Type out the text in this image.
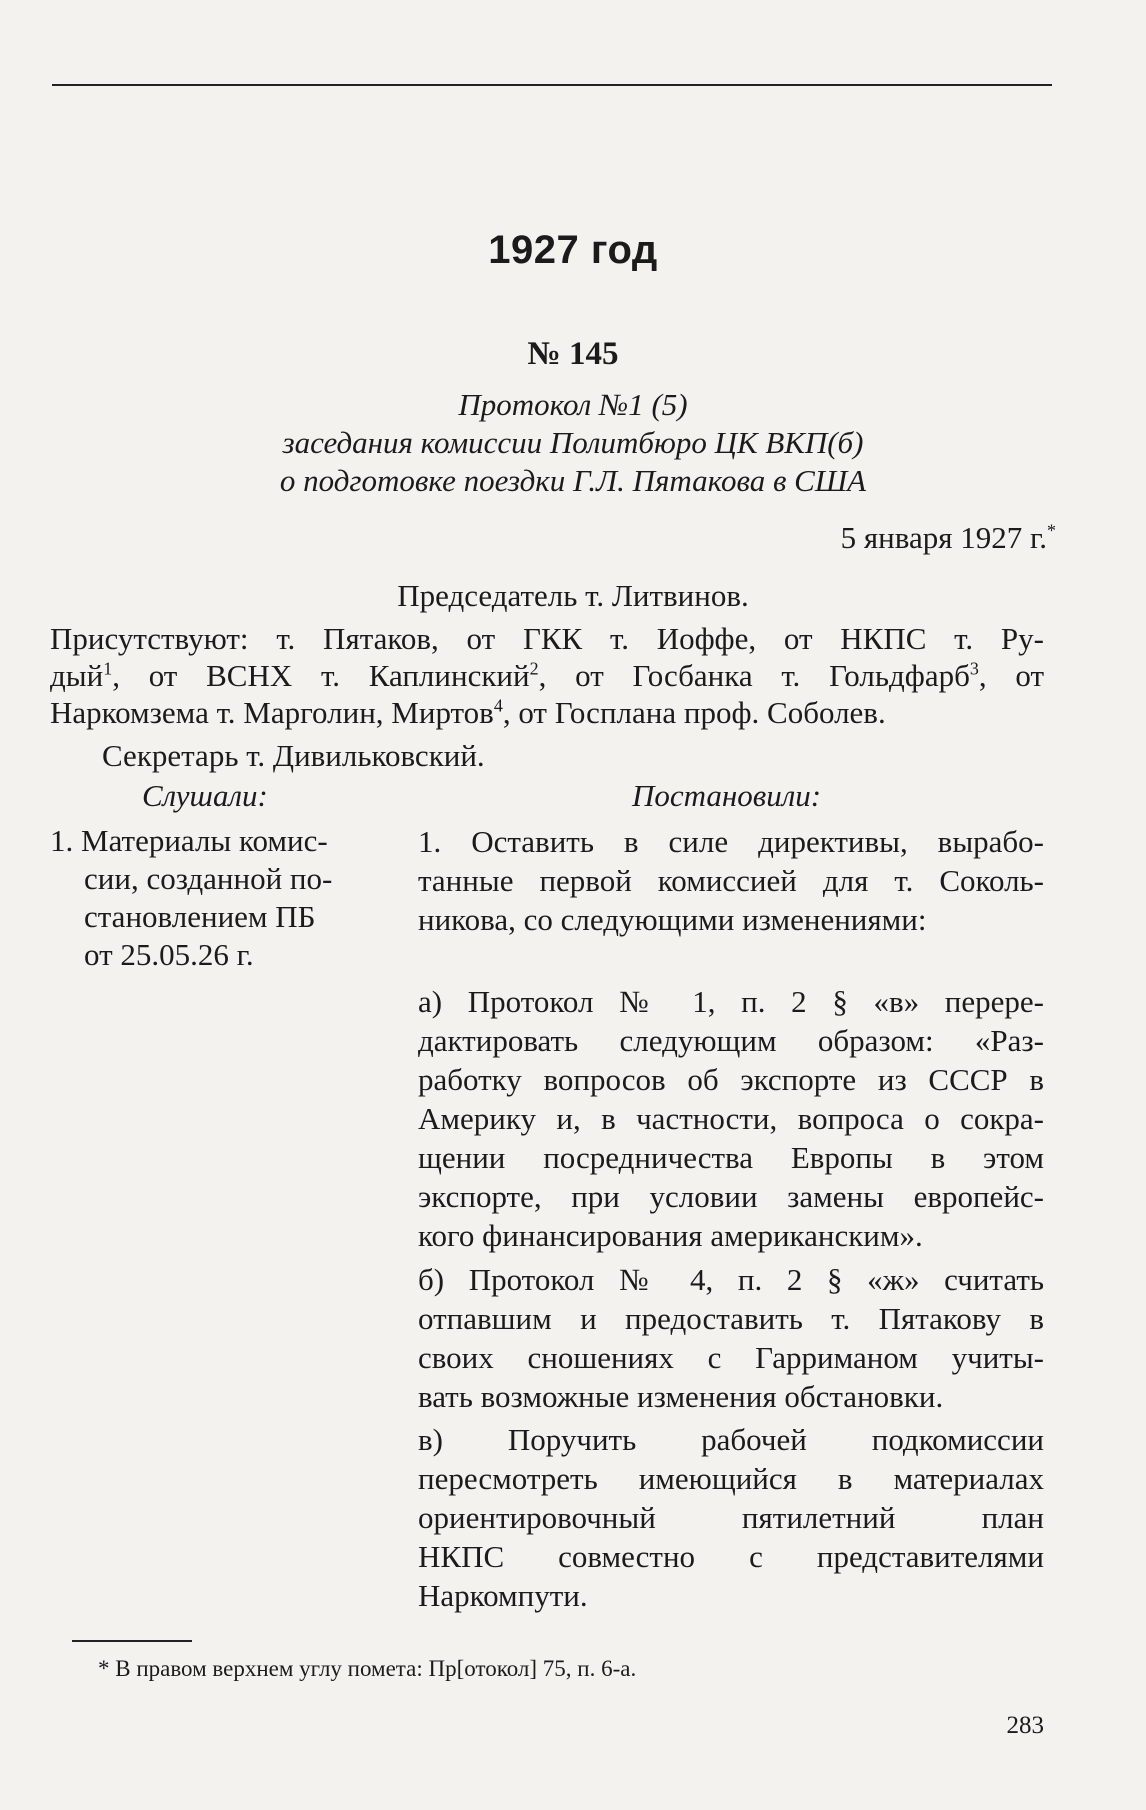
1927 год
№ 145
Протокол №1 (5)
заседания комиссии Политбюро ЦК ВКП(б)
о подготовке поездки Г.Л. Пятакова в США
5 января 1927 г.*
Председатель т. Литвинов.
Присутствуют: т. Пятаков, от ГКК т. Иоффе, от НКПС т. Ру-
дый$^1$, от ВСНХ т. Каплинский$^2$, от Госбанка т. Гольдфарб$^3$, от
Наркомзема т. Марголин, Миртов$^4$, от Госплана проф. Соболев.
Секретарь т. Дивильковский.
Слушали:	Постановили:
1. Материалы комис-
сии, созданной по-
становлением ПБ
от 25.05.26 г.
1. Оставить в силе директивы, вырабо-
танные первой комиссией для т. Соколь-
никова, со следующими изменениями:
а) Протокол № 1, п. 2 § «в» перере-
дактировать следующим образом: «Раз-
работку вопросов об экспорте из СССР в
Америку и, в частности, вопроса о сокра-
щении посредничества Европы в этом
экспорте, при условии замены европейс-
кого финансирования американским».
б) Протокол № 4, п. 2 § «ж» считать
отпавшим и предоставить т. Пятакову в
своих сношениях с Гарриманом учиты-
вать возможные изменения обстановки.
в) Поручить рабочей подкомиссии
пересмотреть имеющийся в материалах
ориентировочный пятилетний план
НКПС совместно с представителями
Наркомпути.
* В правом верхнем углу помета: Пр[отокол] 75, п. 6-а.
283
